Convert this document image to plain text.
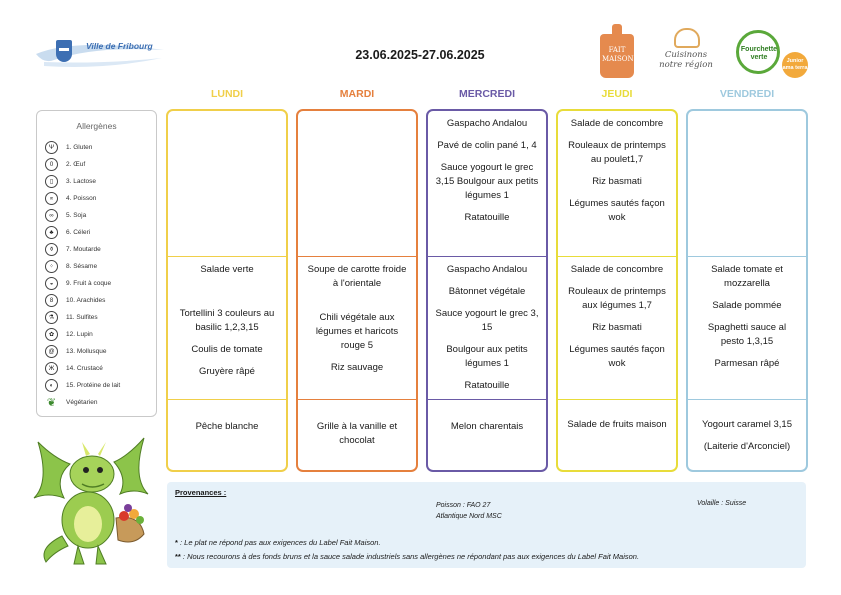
Ville de Fribourg
23.06.2025-27.06.2025	FAIT MAISON	Cuisinons notre région
Fourchette verte	Junior ama terra
Allergènes
Ψ	1. Gluten
0	2. Œuf
▯	3. Lactose
∝	4. Poisson
∞	5. Soja
♣	6. Céleri
⚱	7. Moutarde
⁘	8. Sésame
◒	9. Fruit à coque
8	10. Arachides
⚗	11. Sulfites
✿	12. Lupin
@	13. Mollusque
Ж	14. Crustacé
◐	15. Protéine de lait
❦ Végétarien
LUNDI	MARDI	MERCREDI	JEUDI	VENDREDI
Salade verte
Tortellini 3 couleurs au basilic 1,2,3,15
Coulis de tomate
Gruyère râpé
Pêche blanche
Soupe de carotte froide à l'orientale
Chili végétale aux légumes et haricots rouge 5
Riz sauvage
Grille à la vanille et chocolat
Gaspacho Andalou
Pavé de colin pané 1, 4
Sauce yogourt le grec 3,15 Boulgour aux petits légumes 1
Ratatouille
Gaspacho Andalou
Bâtonnet végétale
Sauce yogourt le grec 3, 15
Boulgour aux petits légumes 1
Ratatouille
Melon charentais
Salade de concombre
Rouleaux de printemps au poulet1,7
Riz basmati
Légumes sautés façon wok
Salade de concombre
Rouleaux de printemps aux légumes 1,7
Riz basmati
Légumes sautés façon wok
Salade de fruits maison
Salade tomate et mozzarella
Salade pommée
Spaghetti sauce al pesto 1,3,15
Parmesan râpé
Yogourt caramel 3,15
(Laiterie d'Arconciel)
Provenances :
Poisson : FAO 27
Atlantique Nord MSC
Volaille : Suisse
* : Le plat ne répond pas aux exigences du Label Fait Maison.
** : Nous recourons à des fonds bruns et la sauce salade industriels sans allergènes ne répondant pas aux exigences du Label Fait Maison.
